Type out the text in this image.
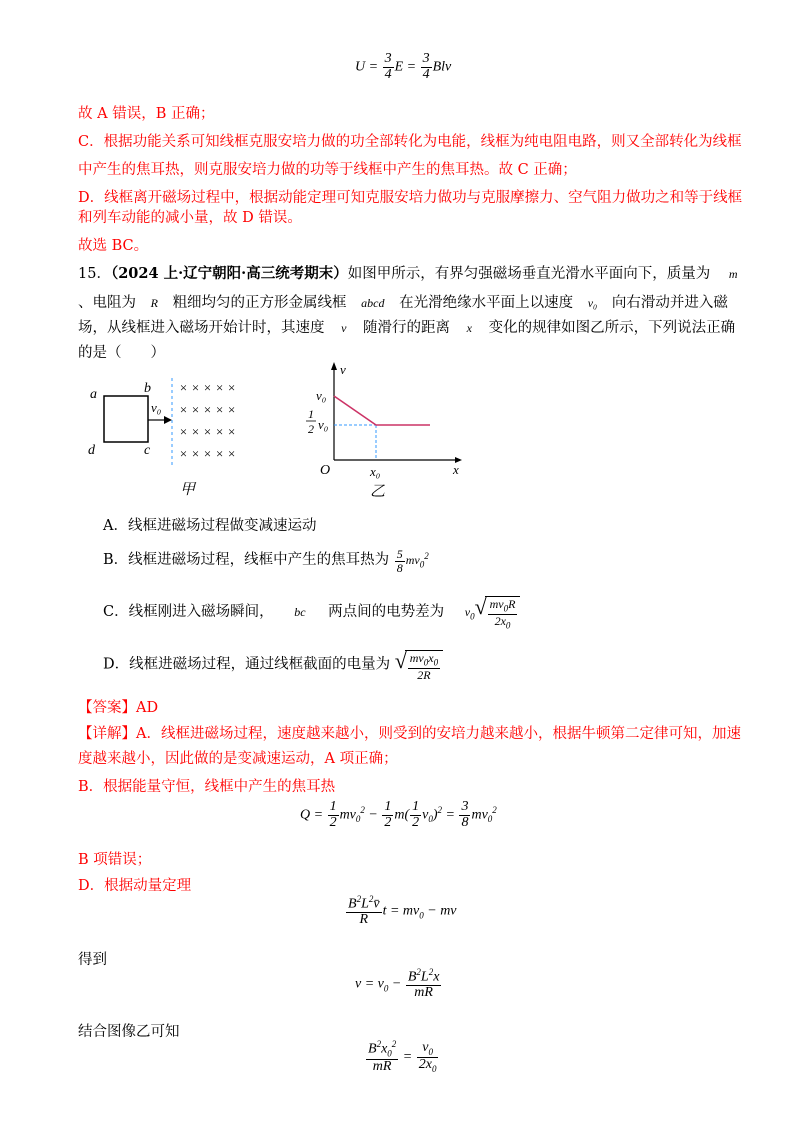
$U = \frac{3}{4}$ $E = \frac{3}{4}$ Blv
故 A 错误，B 正确；
C．根据功能关系可知线框克服安培力做的功全部转化为电能，线框为纯电阻电路，则又全部转化为线框
中产生的焦耳热，则克服安培力做的功等于线框中产生的焦耳热。故 C 正确；
D．线框离开磁场过程中，根据动能定理可知克服安培力做功与克服摩擦力、空气阻力做功之和等于线框
和列车动能的减小量，故 D 错误。
故选 BC。
15．（2024 上·辽宁朝阳·高三统考期末）如图甲所示，有界匀强磁场垂直光滑水平面向下，质量为 m
、电阻为 R 粗细均匀的正方形金属线框 abcd 在光滑绝缘水平面上以速度 v₀ 向右滑动并进入磁
场，从线框进入磁场开始计时，其速度 v 随滑行的距离 x 变化的规律如图乙所示，下列说法正确
的是（　　）
a	b
c
d
v₀
× × × × ×
× × × × ×
× × × × ×
× × × × ×
甲
v
x
O
v₀
1
2 v₀
x₀
乙
A．线框进磁场过程做变减速运动
B．线框进磁场过程，线框中产生的焦耳热为 $\frac{5}{8} mv_0^2$
C．线框刚进入磁场瞬间， bc 两点间的电势差为 $v_0$ √ $\frac{mv_0R}{2x_0}$
D．线框进磁场过程，通过线框截面的电量为 √ $\frac{mv_0x_0}{2R}$
【答案】AD
【详解】A．线框进磁场过程，速度越来越小，则受到的安培力越来越小，根据牛顿第二定律可知，加速
度越来越小，因此做的是变减速运动，A 项正确；
B．根据能量守恒，线框中产生的焦耳热
$Q = \frac{1}{2} mv_0^2 - \frac{1}{2} m( \frac{1}{2} v_0)^2 = \frac{3}{8} mv_0^2$
B 项错误；
D．根据动量定理
$\frac{B^2L^2v̄}{R}$ $t = mv_0$ − mv
得到
$v = v_0 - \frac{B^2L^2x}{mR}$
结合图像乙可知
$\frac{B^2x_0^2}{mR} = \frac{v_0}{2x_0}$
